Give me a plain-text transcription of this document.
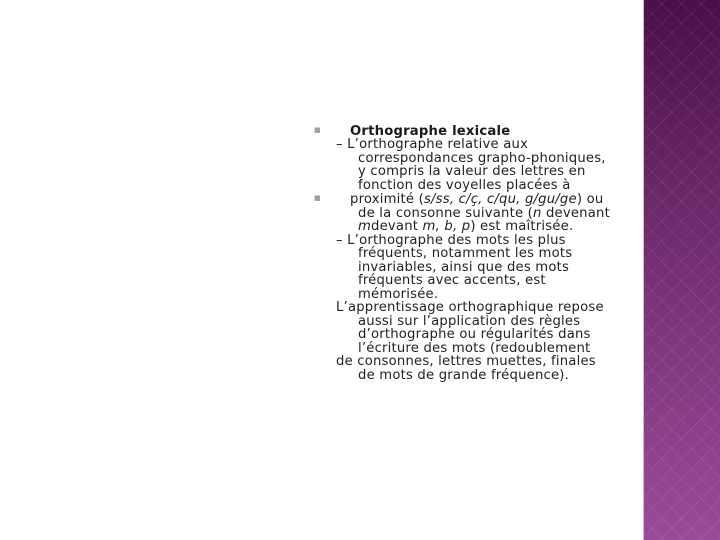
■ Orthographe lexicale

– L’orthographe relative aux correspondances grapho-phoniques, y compris la valeur des lettres en fonction des voyelles placées à

■ proximité (s/ss, c/ç, c/qu, g/gu/ge) ou de la consonne suivante (n devenant mdevant m, b, p) est maîtrisée.

– L’orthographe des mots les plus fréquents, notamment les mots invariables, ainsi que des mots fréquents avec accents, est mémorisée.

L’apprentissage orthographique repose aussi sur l’application des règles d’orthographe ou régularités dans l’écriture des mots (redoublement

de consonnes, lettres muettes, finales de mots de grande fréquence).
